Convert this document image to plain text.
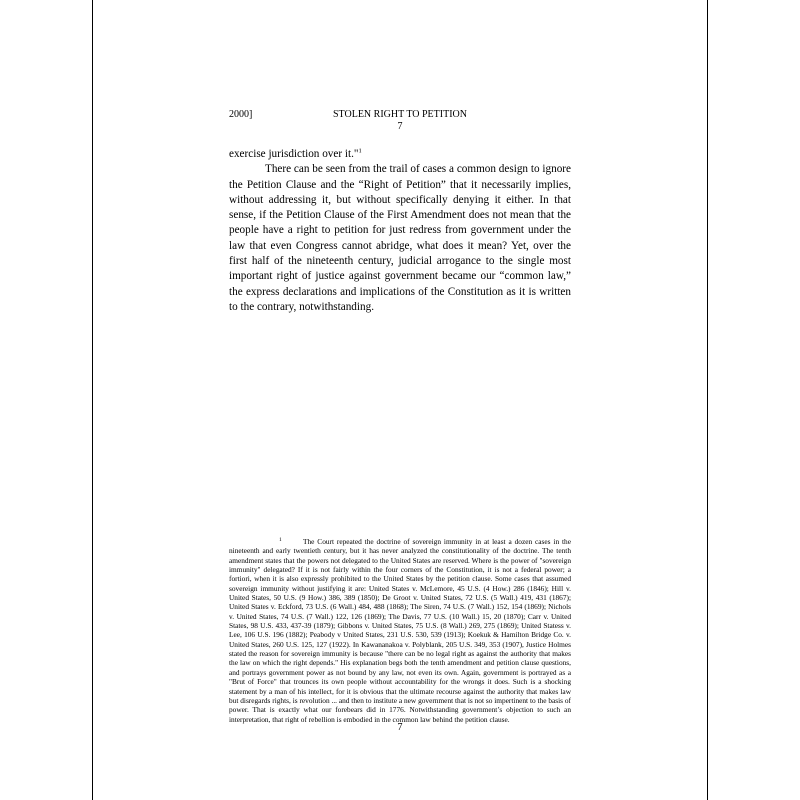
2000]	STOLEN RIGHT TO PETITION
7

exercise jurisdiction over it."$^1$

There can be seen from the trail of cases a common design to ignore the Petition Clause and the “Right of Petition” that it necessarily implies, without addressing it, but without specifically denying it either. In that sense, if the Petition Clause of the First Amendment does not mean that the people have a right to petition for just redress from government under the law that even Congress cannot abridge, what does it mean? Yet, over the first half of the nineteenth century, judicial arrogance to the single most important right of justice against government became our “common law,” the express declarations and implications of the Constitution as it is written to the contrary, notwithstanding.

1	The Court repeated the doctrine of sovereign immunity in at least a dozen cases in the nineteenth and early twentieth century, but it has never analyzed the constitutionality of the doctrine. The tenth amendment states that the powers not delegated to the United States are reserved. Where is the power of "sovereign immunity" delegated? If it is not fairly within the four corners of the Constitution, it is not a federal power; a fortiori, when it is also expressly prohibited to the United States by the petition clause. Some cases that assumed sovereign immunity without justifying it are: United States v. McLemore, 45 U.S. (4 How.) 286 (1846); Hill v. United States, 50 U.S. (9 How.) 386, 389 (1850); De Groot v. United States, 72 U.S. (5 Wall.) 419, 431 (1867); United States v. Eckford, 73 U.S. (6 Wall.) 484, 488 (1868); The Siren, 74 U.S. (7 Wall.) 152, 154 (1869); Nichols v. United States, 74 U.S. (7 Wall.) 122, 126 (1869); The Davis, 77 U.S. (10 Wall.) 15, 20 (1870); Carr v. United States, 98 U.S. 433, 437-39 (1879); Gibbons v. United States, 75 U.S. (8 Wall.) 269, 275 (1869); United Statess v. Lee, 106 U.S. 196 (1882); Peabody v United States, 231 U.S. 530, 539 (1913); Koekuk & Hamilton Bridge Co. v. United States, 260 U.S. 125, 127 (1922). In Kawananakoa v. Polyblank, 205 U.S. 349, 353 (1907), Justice Holmes stated the reason for sovereign immunity is because "there can be no legal right as against the authority that makes the law on which the right depends." His explanation begs both the tenth amendment and petition clause questions, and portrays government power as not bound by any law, not even its own. Again, government is portrayed as a "Brut of Force" that trounces its own people without accountability for the wrongs it does. Such is a shocking statement by a man of his intellect, for it is obvious that the ultimate recourse against the authority that makes law but disregards rights, is revolution ... and then to institute a new government that is not so impertinent to the basis of power. That is exactly what our forebears did in 1776. Notwithstanding government’s objection to such an interpretation, that right of rebellion is embodied in the common law behind the petition clause.

7
